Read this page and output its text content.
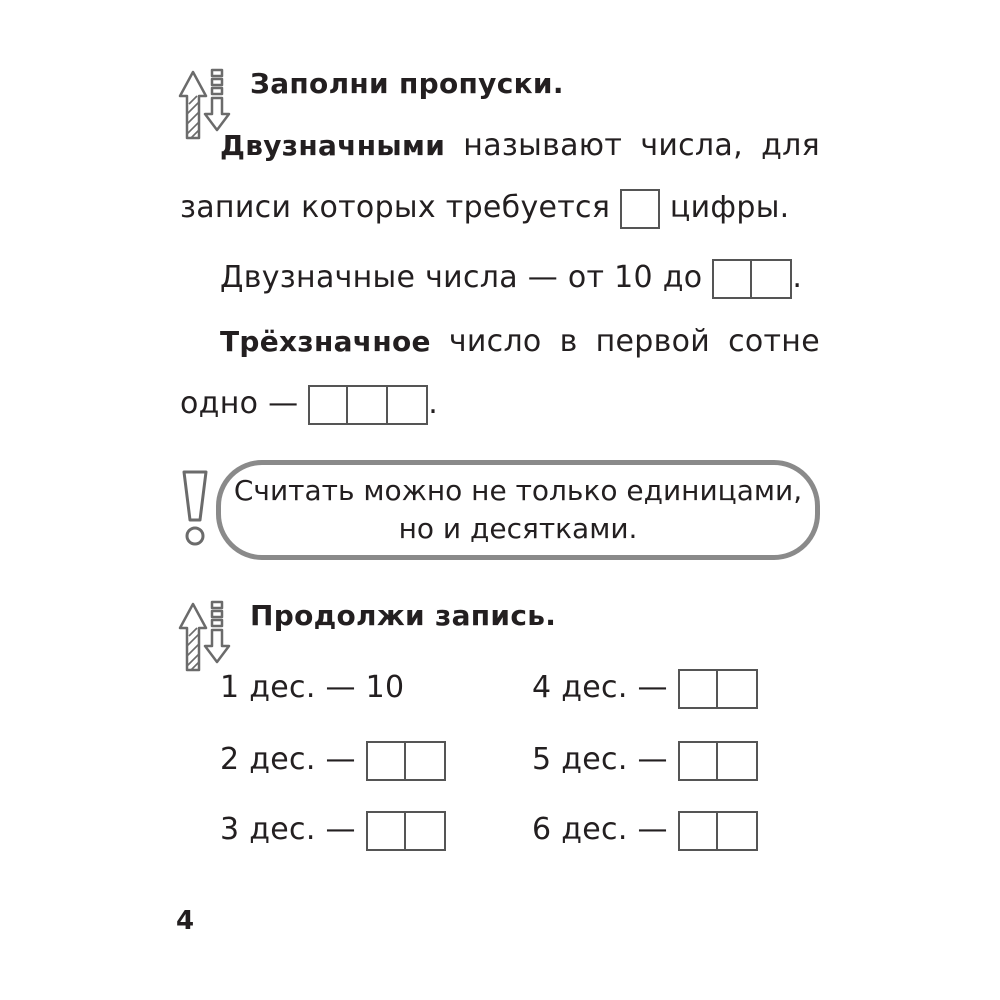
Заполни пропуски.
Двузначными называют числа, для
записи которых требуется цифры.
Двузначные числа — от 10 до	.
Трёхзначное число в первой сотне
одно —	.
Считать можно не только единицами,
но и десятками.
Продолжи запись.
1 дес. — 10
2 дес. —
3 дес. —
4 дес. —
5 дес. —
6 дес. —
4
